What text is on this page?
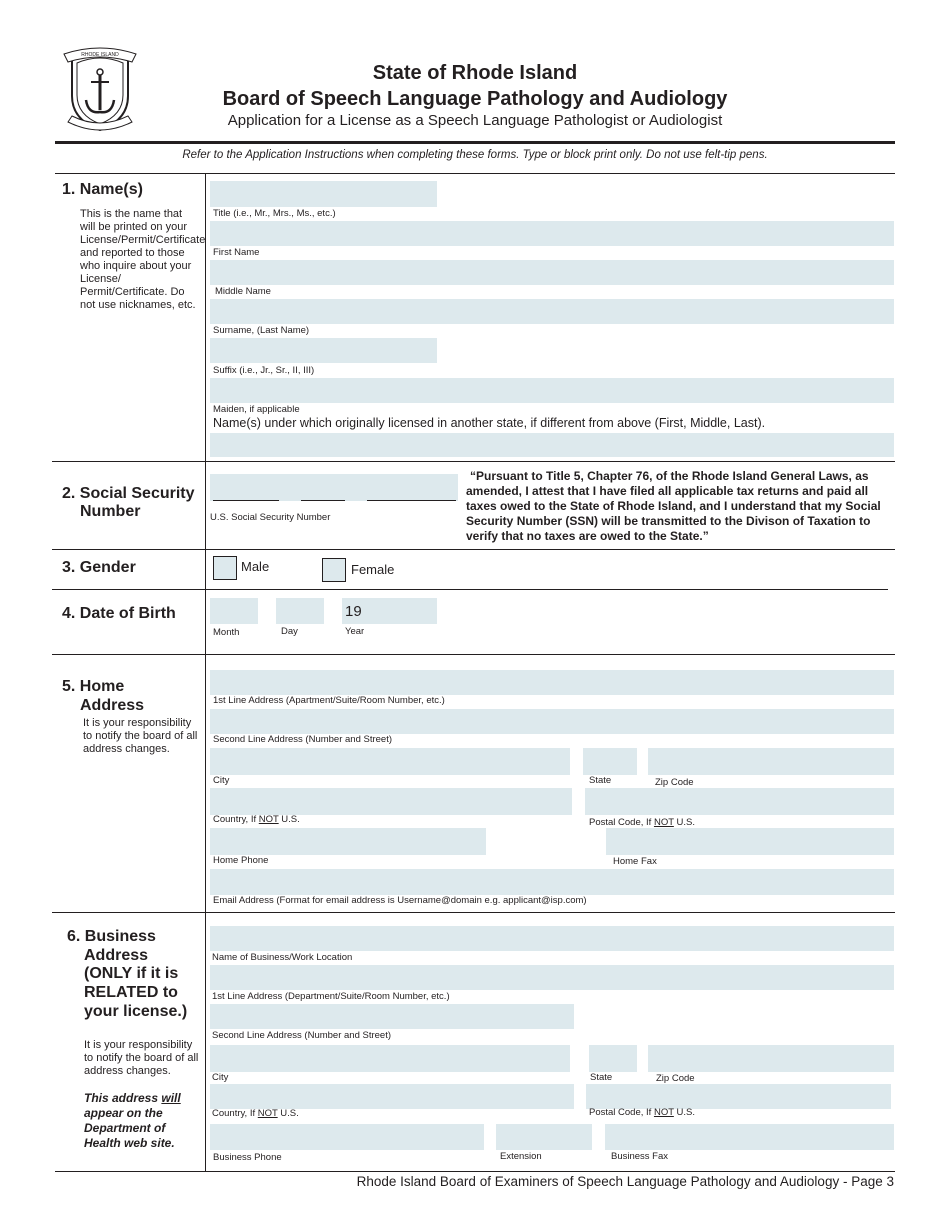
RHODE ISLAND
State of Rhode Island
Board of Speech Language Pathology and Audiology
Application for a License as a Speech Language Pathologist or Audiologist
Refer to the Application Instructions when completing these forms. Type or block print only. Do not use felt-tip pens.
1. Name(s)
This is the name that will be printed on your License/Permit/Certificate and reported to those who inquire about your License/ Permit/Certificate. Do not use nicknames, etc.
Title (i.e., Mr., Mrs., Ms., etc.)
First Name
Middle Name
Surname, (Last Name)
Suffix (i.e., Jr., Sr., II, III)
Maiden, if applicable
Name(s) under which originally licensed in another state, if different from above (First, Middle, Last).
2. Social Security
Number	U.S. Social Security Number
“Pursuant to Title 5, Chapter 76, of the Rhode Island General Laws, as amended, I attest that I have filed all applicable tax returns and paid all taxes owed to the State of Rhode Island, and I understand that my Social Security Number (SSN) will be transmitted to the Divison of Taxation to verify that no taxes are owed to the State.”
3. Gender	Male	Female
4. Date of Birth	19
Month	Day	Year
5. Home
Address
It is your responsibility to notify the board of all address changes.
1st Line Address (Apartment/Suite/Room Number, etc.)
Second Line Address (Number and Street)
City	State	Zip Code
Country, If NOT U.S.	Postal Code, If NOT U.S.
Home Phone	Home Fax
Email Address (Format for email address is Username@domain e.g. applicant@isp.com)
6. Business
Address
(ONLY if it is
RELATED to
your license.)
It is your responsibility to notify the board of all address changes.
This address will appear on the Department of Health web site.
Name of Business/Work Location
1st Line Address (Department/Suite/Room Number, etc.)
Second Line Address (Number and Street)
City	State	Zip Code
Country, If NOT U.S.	Postal Code, If NOT U.S.
Business Phone	Extension	Business Fax
Rhode Island Board of Examiners of Speech Language Pathology and Audiology - Page 3
